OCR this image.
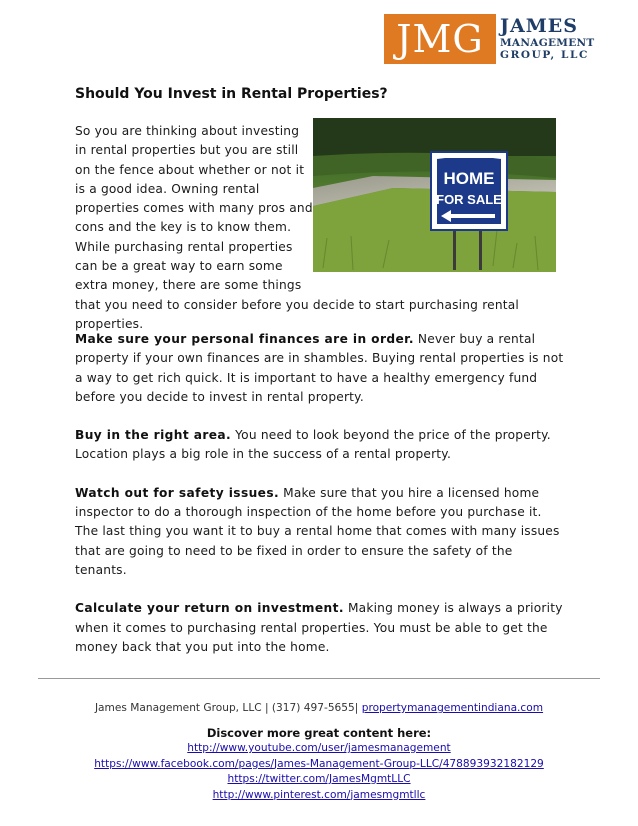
JMG JAMES
MANAGEMENT
GROUP, LLC
Should You Invest in Rental Properties?
HOME
FOR SALE
So you are thinking about investing
in rental properties but you are still
on the fence about whether or not it
is a good idea. Owning rental
properties comes with many pros and
cons and the key is to know them.
While purchasing rental properties
can be a great way to earn some
extra money, there are some things
that you need to consider before you decide to start purchasing rental
properties.

Make sure your personal finances are in order. Never buy a rental property if your own finances are in shambles. Buying rental properties is not a way to get rich quick. It is important to have a healthy emergency fund before you decide to invest in rental property.

Buy in the right area. You need to look beyond the price of the property. Location plays a big role in the success of a rental property.

Watch out for safety issues. Make sure that you hire a licensed home inspector to do a thorough inspection of the home before you purchase it. The last thing you want it to buy a rental home that comes with many issues that are going to need to be fixed in order to ensure the safety of the tenants.

Calculate your return on investment. Making money is always a priority when it comes to purchasing rental properties. You must be able to get the money back that you put into the home.

James Management Group, LLC | (317) 497-5655| propertymanagementindiana.com

Discover more great content here:

http://www.youtube.com/user/jamesmanagement
https://www.facebook.com/pages/James-Management-Group-LLC/478893932182129
https://twitter.com/JamesMgmtLLC
http://www.pinterest.com/jamesmgmtllc
